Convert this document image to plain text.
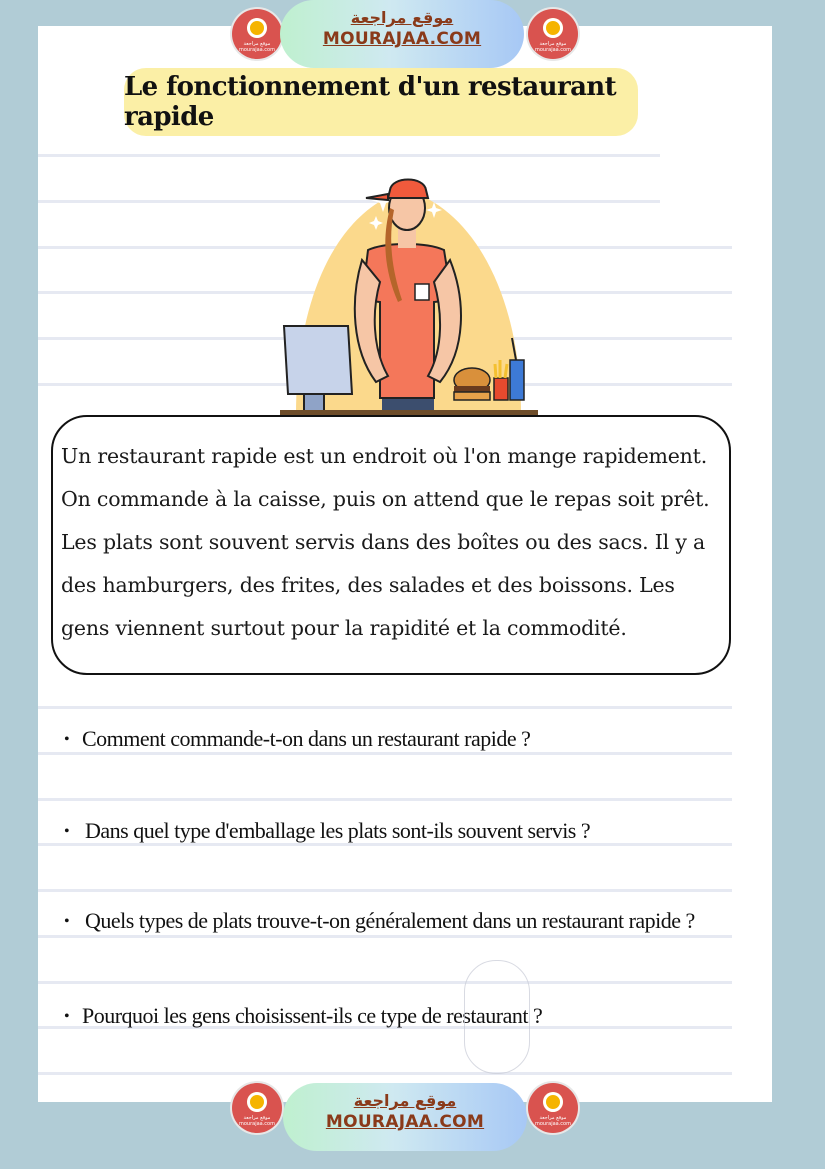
موقع مراجعة mourajaa.com
موقع مراجعة
MOURAJAA.COM	موقع مراجعة mourajaa.com
Le fonctionnement d'un restaurant rapide

Un restaurant rapide est un endroit où l'on mange rapidement. On commande à la caisse, puis on attend que le repas soit prêt. Les plats sont souvent servis dans des boîtes ou des sacs. Il y a des hamburgers, des frites, des salades et des boissons. Les gens viennent surtout pour la rapidité et la commodité.

• Comment commande-t-on dans un restaurant rapide ?
• Dans quel type d'emballage les plats sont-ils souvent servis ?
• Quels types de plats trouve-t-on généralement dans un restaurant rapide ?
• Pourquoi les gens choisissent-ils ce type de restaurant ?
موقع مراجعة mourajaa.com
موقع مراجعة
MOURAJAA.COM	موقع مراجعة mourajaa.com
